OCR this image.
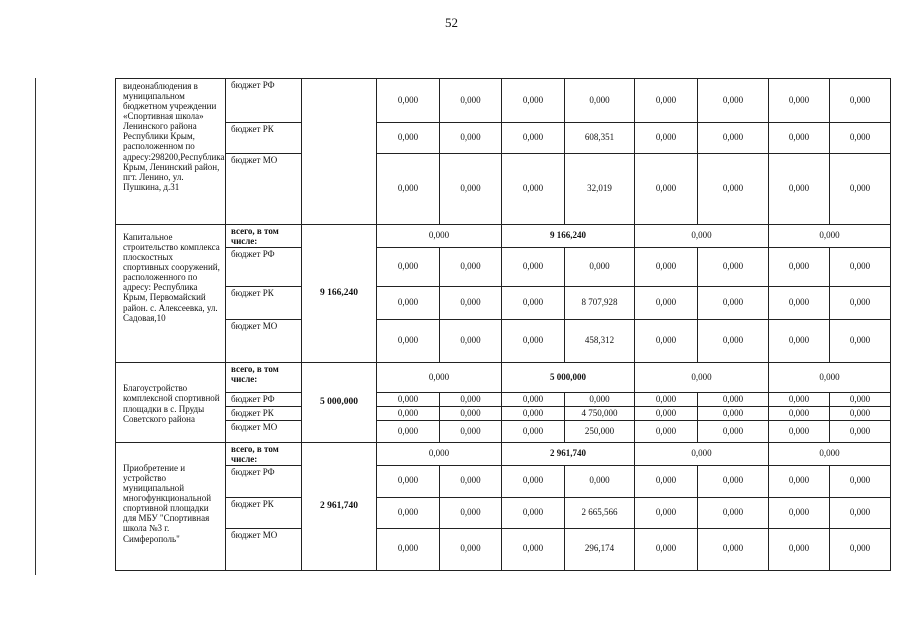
52
видеонаблюдения в муниципальном бюджетном учреждении «Спортивная школа» Ленинского района Республики Крым, расположенном по адресу:298200,Республика Крым, Ленинский район, пгт. Ленино, ул. Пушкина, д.31	бюджет РФ		0,000	0,000	0,000	0,000	0,000	0,000	0,000	0,000
	бюджет РК		0,000	0,000	0,000	608,351	0,000	0,000	0,000	0,000
	бюджет МО		0,000	0,000	0,000	32,019	0,000	0,000	0,000	0,000
Капитальное строительство комплекса плоскостных спортивных сооружений, расположенного по адресу: Республика Крым, Первомайский район. с. Алексеевка, ул. Садовая,10	всего, в том числе:	9 166,240	0,000		9 166,240		0,000		0,000	
	бюджет РФ		0,000	0,000	0,000	0,000	0,000	0,000	0,000	0,000
	бюджет РК		0,000	0,000	0,000	8 707,928	0,000	0,000	0,000	0,000
	бюджет МО		0,000	0,000	0,000	458,312	0,000	0,000	0,000	0,000
Благоустройство комплексной спортивной площадки в с. Пруды Советского района	всего, в том числе:	5 000,000	0,000		5 000,000		0,000		0,000	
	бюджет РФ		0,000	0,000	0,000	0,000	0,000	0,000	0,000	0,000
	бюджет РК		0,000	0,000	0,000	4 750,000	0,000	0,000	0,000	0,000
	бюджет МО		0,000	0,000	0,000	250,000	0,000	0,000	0,000	0,000
Приобретение и устройство муниципальной многофункциональной спортивной площадки для МБУ "Спортивная школа №3 г. Симферополь"	всего, в том числе:	2 961,740	0,000		2 961,740		0,000		0,000	
	бюджет РФ		0,000	0,000	0,000	0,000	0,000	0,000	0,000	0,000
	бюджет РК		0,000	0,000	0,000	2 665,566	0,000	0,000	0,000	0,000
	бюджет МО		0,000	0,000	0,000	296,174	0,000	0,000	0,000	0,000
